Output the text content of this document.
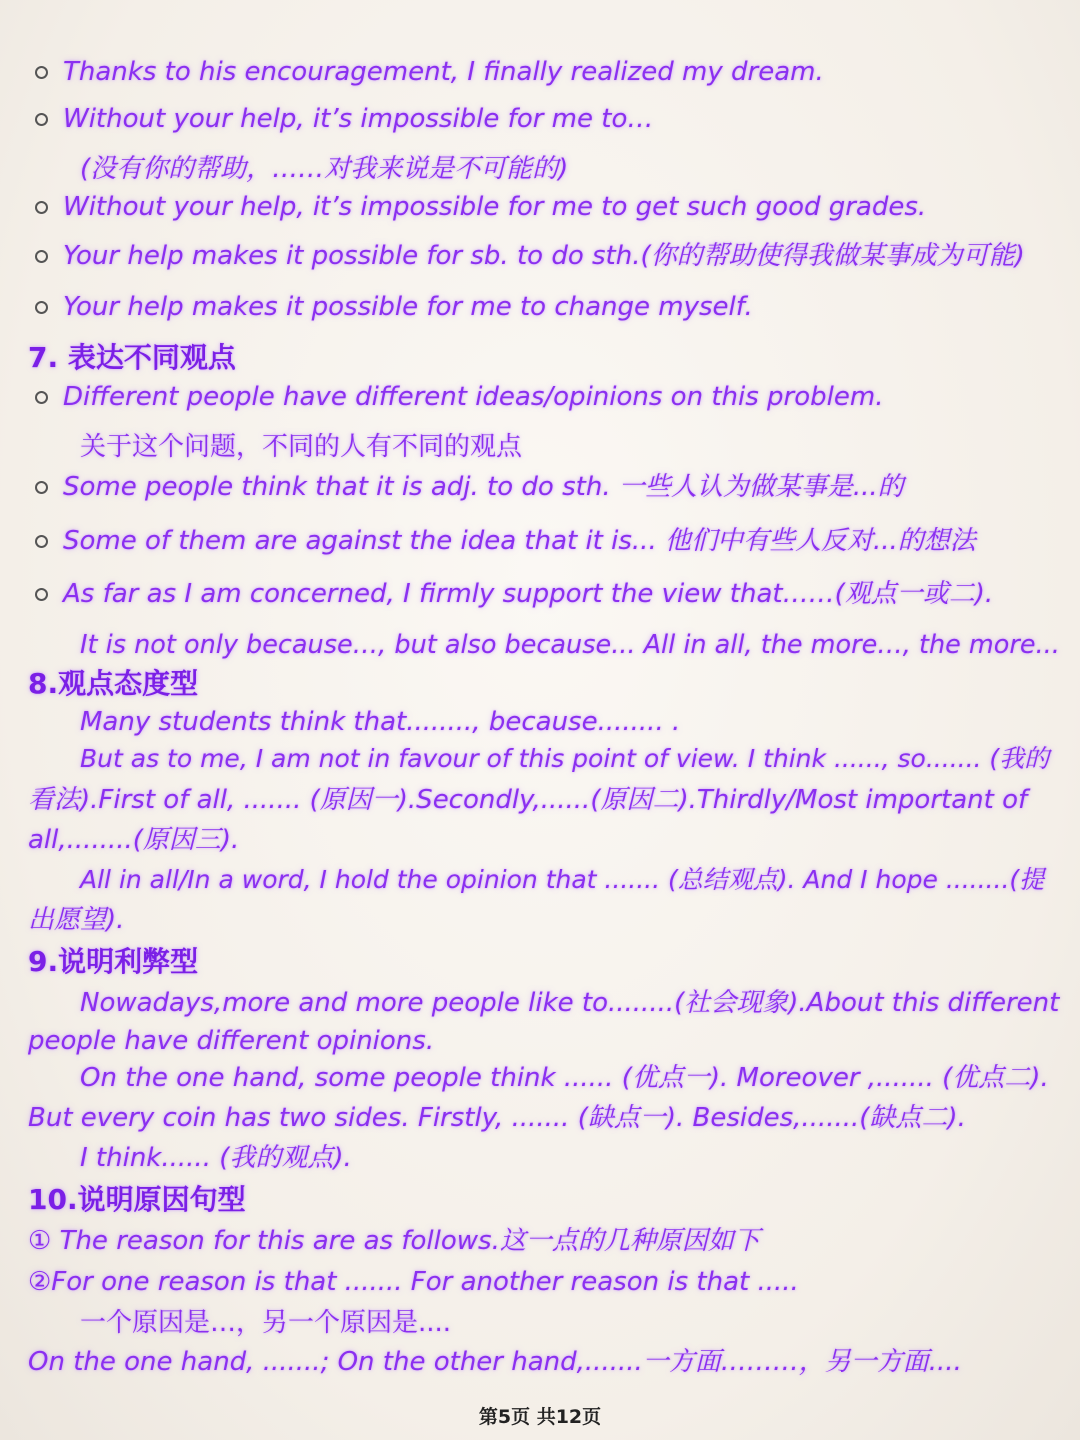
Thanks to his encouragement, I finally realized my dream.
Without your help, it’s impossible for me to…
(没有你的帮助，……对我来说是不可能的)
Without your help, it’s impossible for me to get such good grades.
Your help makes it possible for sb. to do sth.(你的帮助使得我做某事成为可能)
Your help makes it possible for me to change myself.
7. 表达不同观点
Different people have different ideas/opinions on this problem.
关于这个问题，不同的人有不同的观点
Some people think that it is adj. to do sth. 一些人认为做某事是...的
Some of them are against the idea that it is... 他们中有些人反对...的想法
As far as I am concerned, I firmly support the view that……(观点一或二).
It is not only because…, but also because... All in all, the more…, the more...
8.观点态度型
Many students think that........, because........ .
But as to me, I am not in favour of this point of view. I think ......, so....... (我的
看法).First of all, ....... (原因一).Secondly,......(原因二).Thirdly/Most important of
all,........(原因三).
All in all/In a word, I hold the opinion that ....... (总结观点). And I hope ........(提
出愿望).
9.说明利弊型
Nowadays,more and more people like to........(社会现象).About this different
people have different opinions.
On the one hand, some people think ...... (优点一). Moreover ,....... (优点二).
But every coin has two sides. Firstly, ....... (缺点一). Besides,.......(缺点二).
I think...... (我的观点).
10.说明原因句型
① The reason for this are as follows.这一点的几种原因如下
②For one reason is that ....... For another reason is that .....
一个原因是…，另一个原因是....
On the one hand, .......; On the other hand,.......一方面………，另一方面....
第5页 共12页
